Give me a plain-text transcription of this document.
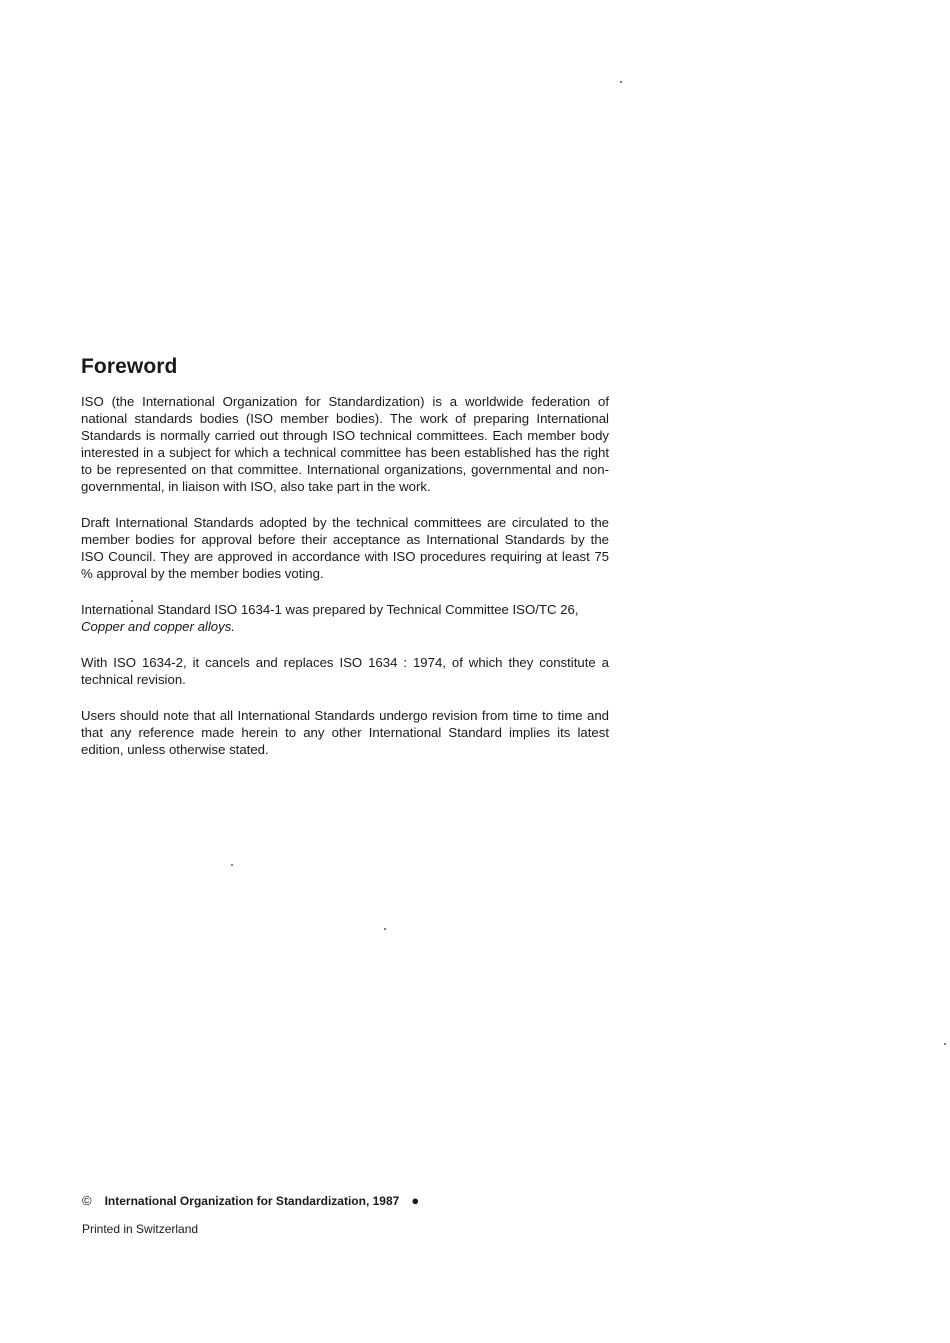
Foreword

ISO (the International Organization for Standardization) is a worldwide federation of national standards bodies (ISO member bodies). The work of preparing International Standards is normally carried out through ISO technical committees. Each member body interested in a subject for which a technical committee has been established has the right to be represented on that committee. International organizations, governmental and non-governmental, in liaison with ISO, also take part in the work.

Draft International Standards adopted by the technical committees are circulated to the member bodies for approval before their acceptance as International Standards by the ISO Council. They are approved in accordance with ISO procedures requiring at least 75 % approval by the member bodies voting.

International Standard ISO 1634-1 was prepared by Technical Committee ISO/TC 26,
Copper and copper alloys.

With ISO 1634-2, it cancels and replaces ISO 1634 : 1974, of which they constitute a technical revision.

Users should note that all International Standards undergo revision from time to time and that any reference made herein to any other International Standard implies its latest edition, unless otherwise stated.

© International Organization for Standardization, 1987 ●
Printed in Switzerland
